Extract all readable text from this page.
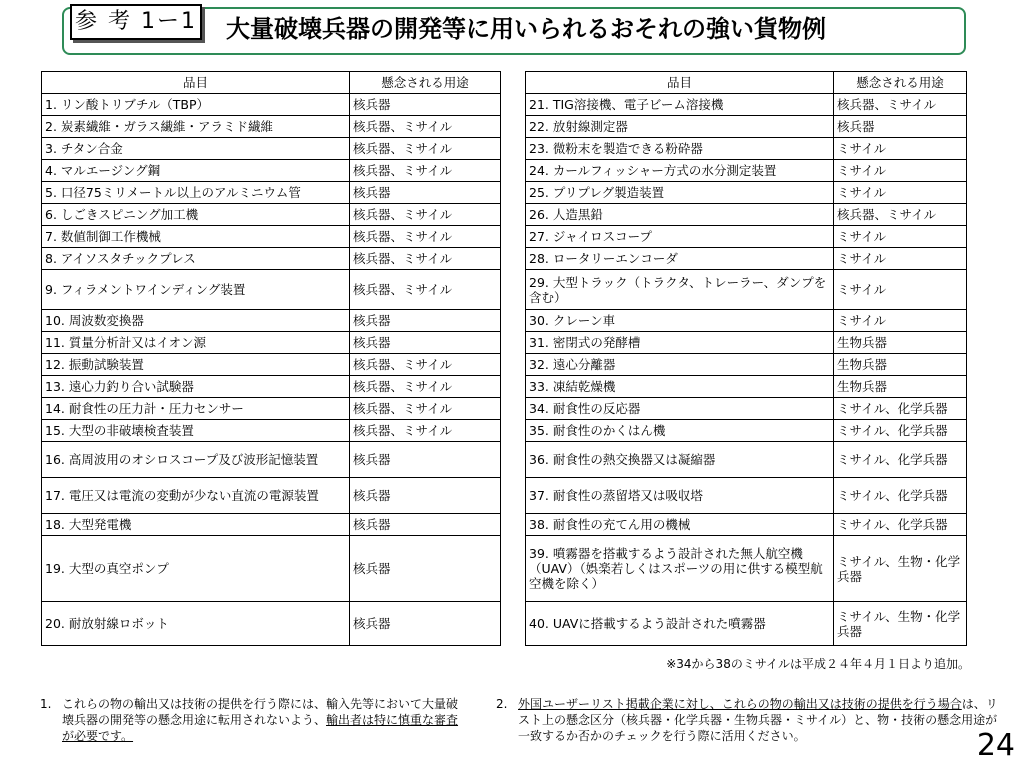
参 考 1ー1 大量破壊兵器の開発等に用いられるおそれの強い貨物例
品目	懸念される用途
1. リン酸トリブチル（TBP）	核兵器
2. 炭素繊維・ガラス繊維・アラミド繊維	核兵器、ミサイル
3. チタン合金	核兵器、ミサイル
4. マルエージング鋼	核兵器、ミサイル
5. 口径75ミリメートル以上のアルミニウム管	核兵器
6. しごきスピニング加工機	核兵器、ミサイル
7. 数値制御工作機械	核兵器、ミサイル
8. アイソスタチックプレス	核兵器、ミサイル
9. フィラメントワインディング装置	核兵器、ミサイル
10. 周波数変換器	核兵器
11. 質量分析計又はイオン源	核兵器
12. 振動試験装置	核兵器、ミサイル
13. 遠心力釣り合い試験器	核兵器、ミサイル
14. 耐食性の圧力計・圧力センサー	核兵器、ミサイル
15. 大型の非破壊検査装置	核兵器、ミサイル
16. 高周波用のオシロスコープ及び波形記憶装置	核兵器
17. 電圧又は電流の変動が少ない直流の電源装置	核兵器
18. 大型発電機	核兵器
19. 大型の真空ポンプ	核兵器
20. 耐放射線ロボット	核兵器
品目	懸念される用途
21. TIG溶接機、電子ビーム溶接機	核兵器、ミサイル
22. 放射線測定器	核兵器
23. 微粉末を製造できる粉砕器	ミサイル
24. カールフィッシャー方式の水分測定装置	ミサイル
25. プリプレグ製造装置	ミサイル
26. 人造黒鉛	核兵器、ミサイル
27. ジャイロスコープ	ミサイル
28. ロータリーエンコーダ	ミサイル
29. 大型トラック（トラクタ、トレーラー、ダンプを含む）	ミサイル
30. クレーン車	ミサイル
31. 密閉式の発酵槽	生物兵器
32. 遠心分離器	生物兵器
33. 凍結乾燥機	生物兵器
34. 耐食性の反応器	ミサイル、化学兵器
35. 耐食性のかくはん機	ミサイル、化学兵器
36. 耐食性の熱交換器又は凝縮器	ミサイル、化学兵器
37. 耐食性の蒸留塔又は吸収塔	ミサイル、化学兵器
38. 耐食性の充てん用の機械	ミサイル、化学兵器
39. 噴霧器を搭載するよう設計された無人航空機（UAV）（娯楽若しくはスポーツの用に供する模型航空機を除く）	ミサイル、生物・化学兵器
40. UAVに搭載するよう設計された噴霧器	ミサイル、生物・化学兵器
※34から38のミサイルは平成２４年４月１日より追加。
1. これらの物の輸出又は技術の提供を行う際には、輸入先等において大量破壊兵器の開発等の懸念用途に転用されないよう、輸出者は特に慎重な審査が必要です。
2. 外国ユーザーリスト掲載企業に対し、これらの物の輸出又は技術の提供を行う場合は、リスト上の懸念区分（核兵器・化学兵器・生物兵器・ミサイル）と、物・技術の懸念用途が一致するか否かのチェックを行う際に活用ください。	24
